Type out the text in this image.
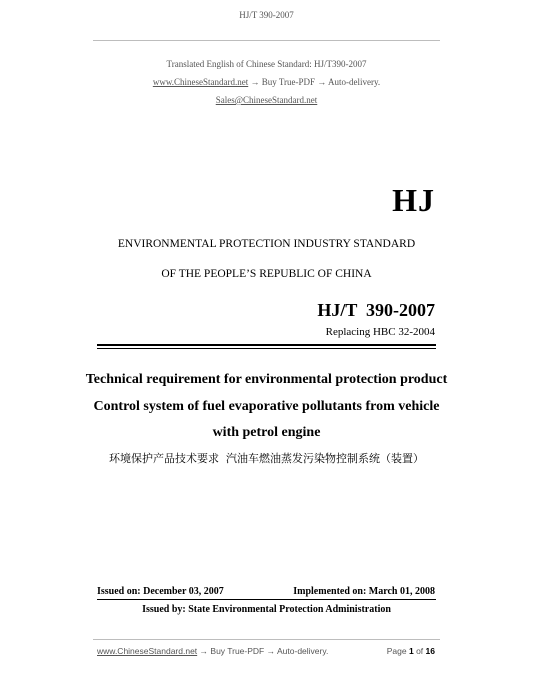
HJ/T 390-2007
Translated English of Chinese Standard: HJ/T390-2007
www.ChineseStandard.net → Buy True-PDF → Auto-delivery.
Sales@ChineseStandard.net
HJ
ENVIRONMENTAL PROTECTION INDUSTRY STANDARD
OF THE PEOPLE’S REPUBLIC OF CHINA
HJ/T  390-2007
Replacing HBC 32-2004
Technical requirement for environmental protection product
Control system of fuel evaporative pollutants from vehicle
with petrol engine
环境保护产品技术要求  汽油车燃油蒸发污染物控制系统（装置）
Issued on: December 03, 2007	Implemented on: March 01, 2008
Issued by: State Environmental Protection Administration
www.ChineseStandard.net → Buy True-PDF → Auto-delivery.	Page 1 of 16
